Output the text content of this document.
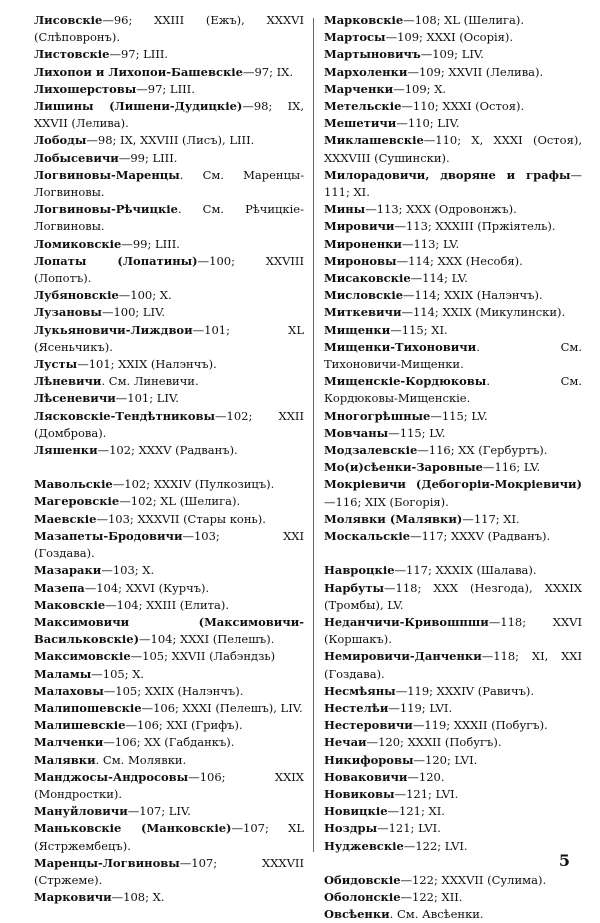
Лисовскіе—96; XXIII (Ежъ), XXXVI (Слѣповронъ).

Листовскіе—97; LIII.

Лихопои и Лихопои-Башевскіе—97; IX.

Лихошерстовы—97; LIII.

Лишины (Лишени-Дудицкіе)—98; IX, XXVII (Лелива).

Лободы—98; IX, XXVIII (Лисъ), LIII.

Лобысевичи—99; LIII.

Логвиновы-Маренцы. См. Маренцы-Логвиновы.

Логвиновы-Рѣчицкіе. См. Рѣчицкіе-Логвиновы.

Ломиковскіе—99; LIII.

Лопаты (Лопатины)—100; XXVIII (Лопотъ).

Лубяновскіе—100; X.

Лузановы—100; LIV.

Лукьяновичи-Лиждвои—101; XL (Ясеньчикъ).

Лусты—101; XXIX (Налэнчъ).

Лѣневичи. См. Линевичи.

Лѣсеневичи—101; LIV.

Лясковскіе-Тендѣтниковы—102; XXII (Домброва).

Ляшенки—102; XXXV (Радванъ).

Мавольскіе—102; XXXIV (Пулкозицъ).

Магеровскіе—102; XL (Шелига).

Маевскіе—103; XXXVII (Стары конь).

Мазапеты-Бродовичи—103; XXI (Гоздава).

Мазараки—103; X.

Мазепа—104; XXVI (Курчъ).

Маковскіе—104; XXIII (Елита).

Максимовичи (Максимовичи-Васильковскіе)—104; XXXI (Пелешъ).

Максимовскіе—105; XXVII (Лабэндзь)

Маламы—105; X.

Малаховы—105; XXIX (Налэнчъ).

Малипошевскіе—106; XXXI (Пелешъ), LIV.

Малишевскіе—106; XXI (Грифъ).

Малченки—106; XX (Габданкъ).

Малявки. См. Молявки.

Манджосы-Андросовы—106; XXIX (Мондростки).

Мануйловичи—107; LIV.

Маньковскіе (Манковскіе)—107; XL (Ястржембецъ).

Маренцы-Логвиновы—107; XXXVII (Стржеме).

Марковичи—108; X.

Марковскіе—108; XL (Шелига).

Мартосы—109; XXXI (Осорія).

Мартыновичъ—109; LIV.

Мархоленки—109; XXVII (Лелива).

Марченки—109; X.

Метельскіе—110; XXXI (Остоя).

Мешетичи—110; LIV.

Миклашевскіе—110; X, XXXI (Остоя), XXXVIII (Сушински).

Милорадовичи, дворяне и графы—111; XI.

Мины—113; XXX (Одровонжъ).

Мировичи—113; XXXIII (Пржіятель).

Мироненки—113; LV.

Мироновы—114; XXX (Несобя).

Мисаковскіе—114; LV.

Мисловскіе—114; XXIX (Налэнчъ).

Миткевичи—114; XXIX (Микулински).

Мищенки—115; XI.

Мищенки-Тихоновичи. См. Тихоновичи-Мищенки.

Мищенскіе-Кордюковы. См. Кордюковы-Мищенскіе.

Многогрѣшные—115; LV.

Мовчаны—115; LV.

Модзалевскіе—116; XX (Гербуртъ).

Мо(и)сѣенки-Заровные—116; LV.

Мокріевичи (Дебогоріи-Мокріевичи)—116; XIX (Богорія).

Молявки (Малявки)—117; XI.

Москальскіе—117; XXXV (Радванъ).

Навроцкіе—117; XXXIX (Шалава).

Нарбуты—118; XXX (Незгода), XXXIX (Тромбы), LV.

Неданчичи-Кривошпши—118; XXVI (Коршакъ).

Немировичи-Данченки—118; XI, XXI (Гоздава).

Несмѣяны—119; XXXIV (Равичъ).

Нестелѣи—119; LVI.

Нестеровичи—119; XXXII (Побугъ).

Нечаи—120; XXXII (Побугъ).

Никифоровы—120; LVI.

Новаковичи—120.

Новиковы—121; LVI.

Новицкіе—121; XI.

Ноздры—121; LVI.

Нуджевскіе—122; LVI.

Обидовскіе—122; XXXVII (Сулима).

Оболонскіе—122; XII.

Овсѣенки. См. Авсѣенки.

5
